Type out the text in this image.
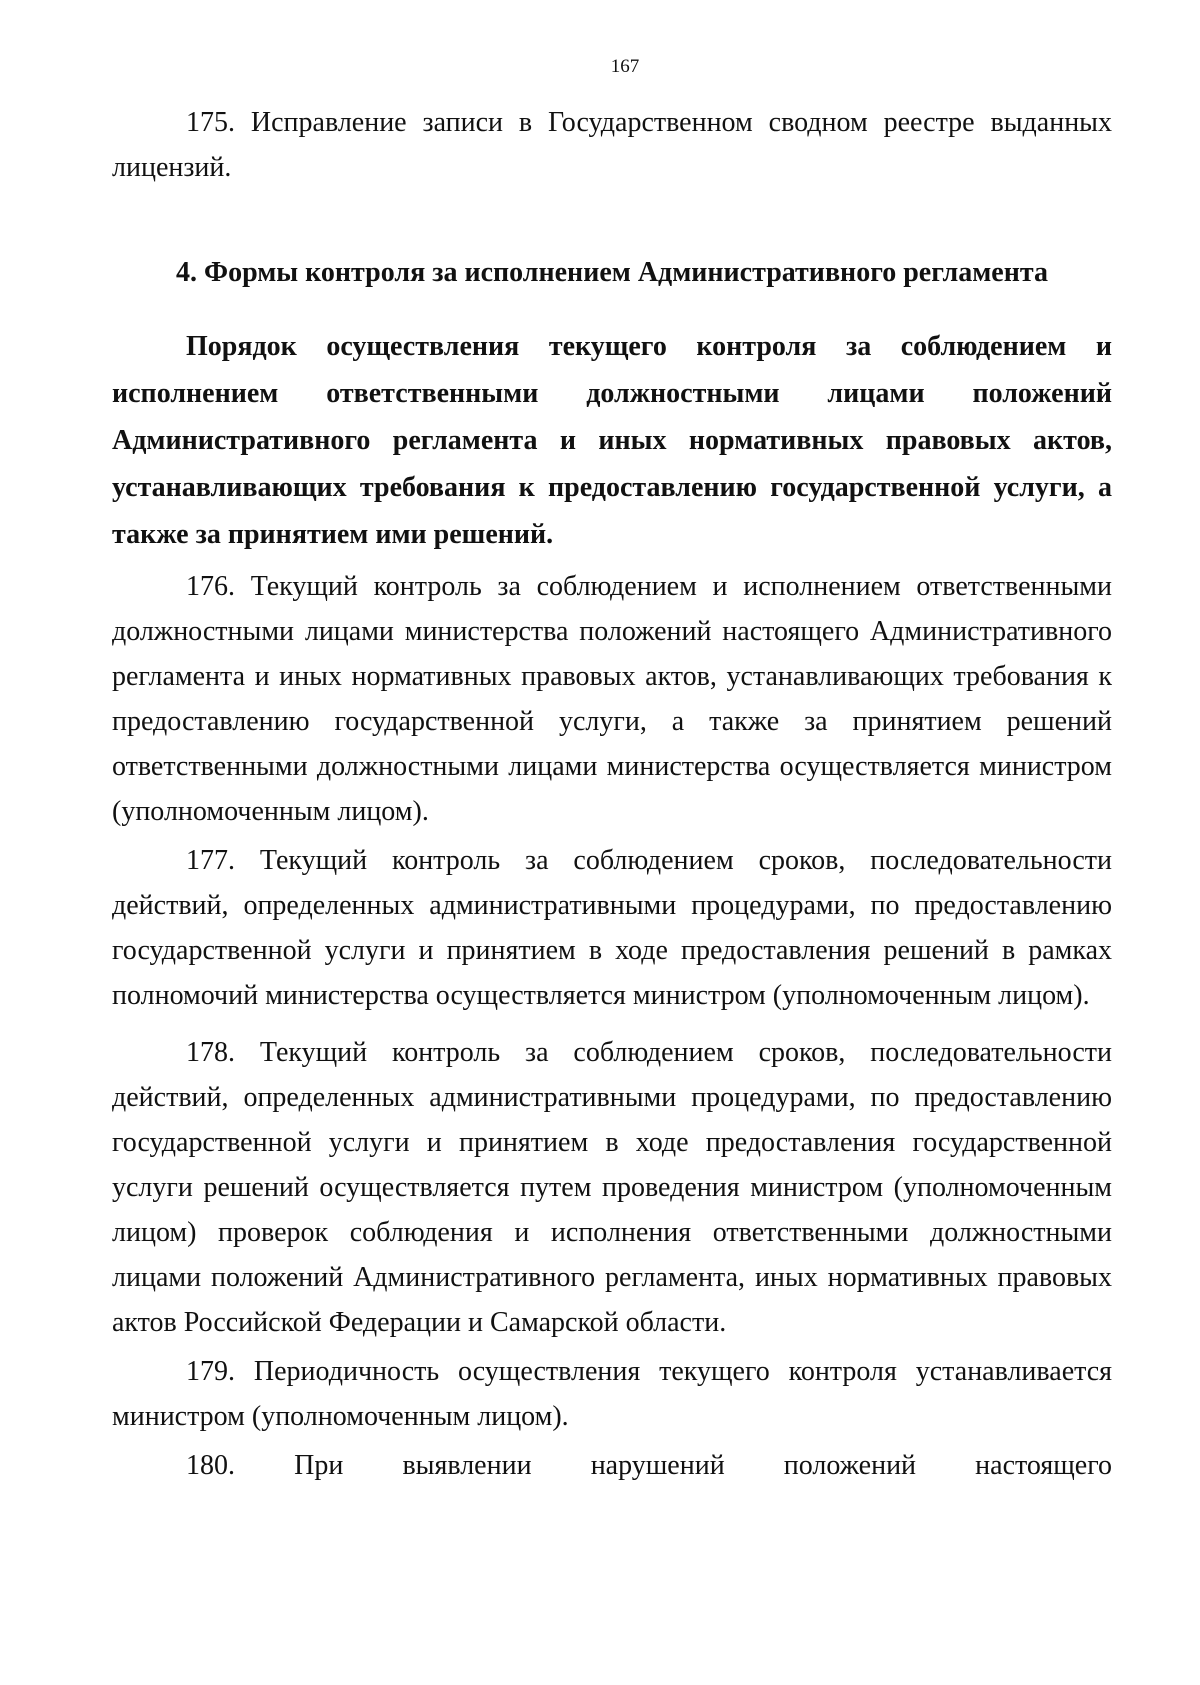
167

175. Исправление записи в Государственном сводном реестре выданных лицензий.

4. Формы контроля за исполнением Административного регламента

Порядок осуществления текущего контроля за соблюдением и исполнением ответственными должностными лицами положений Административного регламента и иных нормативных правовых актов, устанавливающих требования к предоставлению государственной услуги, а также за принятием ими решений.

176. Текущий контроль за соблюдением и исполнением ответственными должностными лицами министерства положений настоящего Административного регламента и иных нормативных правовых актов, устанавливающих требования к предоставлению государственной услуги, а также за принятием решений ответственными должностными лицами министерства осуществляется министром (уполномоченным лицом).

177. Текущий контроль за соблюдением сроков, последовательности действий, определенных административными процедурами, по предоставлению государственной услуги и принятием в ходе предоставления решений в рамках полномочий министерства осуществляется министром (уполномоченным лицом).

178. Текущий контроль за соблюдением сроков, последовательности действий, определенных административными процедурами, по предоставлению государственной услуги и принятием в ходе предоставления государственной услуги решений осуществляется путем проведения министром (уполномоченным лицом) проверок соблюдения и исполнения ответственными должностными лицами положений Административного регламента, иных нормативных правовых актов Российской Федерации и Самарской области.

179. Периодичность осуществления текущего контроля устанавливается министром (уполномоченным лицом).

180. При выявлении нарушений положений настоящего
